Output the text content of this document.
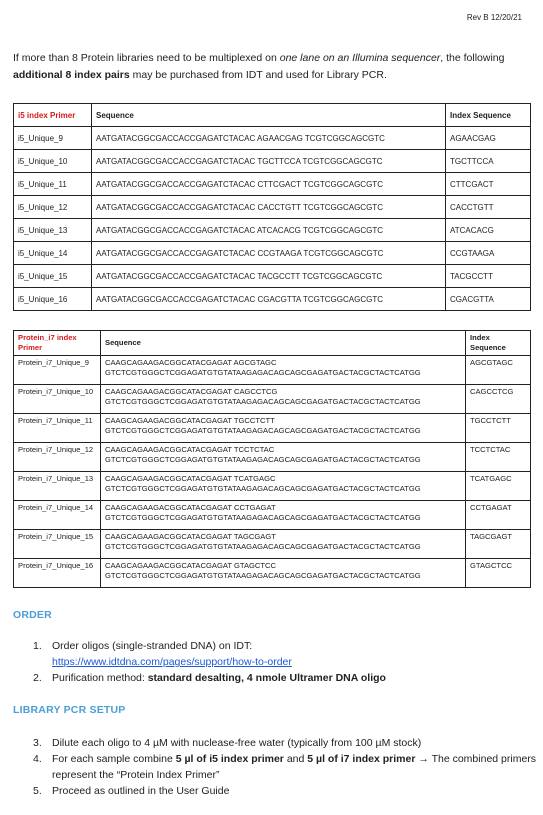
Rev B 12/20/21
If more than 8 Protein libraries need to be multiplexed on one lane on an Illumina sequencer, the following additional 8 index pairs may be purchased from IDT and used for Library PCR.
i5 index Primer	Sequence	Index Sequence
i5_Unique_9	AATGATACGGCGACCACCGAGATCTACAC AGAACGAG TCGTCGGCAGCGTC	AGAACGAG
i5_Unique_10	AATGATACGGCGACCACCGAGATCTACAC TGCTTCCA TCGTCGGCAGCGTC	TGCTTCCA
i5_Unique_11	AATGATACGGCGACCACCGAGATCTACAC CTTCGACT TCGTCGGCAGCGTC	CTTCGACT
i5_Unique_12	AATGATACGGCGACCACCGAGATCTACAC CACCTGTT TCGTCGGCAGCGTC	CACCTGTT
i5_Unique_13	AATGATACGGCGACCACCGAGATCTACAC ATCACACG TCGTCGGCAGCGTC	ATCACACG
i5_Unique_14	AATGATACGGCGACCACCGAGATCTACAC CCGTAAGA TCGTCGGCAGCGTC	CCGTAAGA
i5_Unique_15	AATGATACGGCGACCACCGAGATCTACAC TACGCCTT TCGTCGGCAGCGTC	TACGCCTT
i5_Unique_16	AATGATACGGCGACCACCGAGATCTACAC CGACGTTA TCGTCGGCAGCGTC	CGACGTTA
Protein_i7 index Primer	Sequence	Index Sequence
Protein_i7_Unique_9	CAAGCAGAAGACGGCATACGAGAT AGCGTAGC
GTCTCGTGGGCTCGGAGATGTGTATAAGAGACAGCAGCGAGATGACTACGCTACTCATGG	AGCGTAGC
Protein_i7_Unique_10	CAAGCAGAAGACGGCATACGAGAT CAGCCTCG
GTCTCGTGGGCTCGGAGATGTGTATAAGAGACAGCAGCGAGATGACTACGCTACTCATGG	CAGCCTCG
Protein_i7_Unique_11	CAAGCAGAAGACGGCATACGAGAT TGCCTCTT
GTCTCGTGGGCTCGGAGATGTGTATAAGAGACAGCAGCGAGATGACTACGCTACTCATGG	TGCCTCTT
Protein_i7_Unique_12	CAAGCAGAAGACGGCATACGAGAT TCCTCTAC
GTCTCGTGGGCTCGGAGATGTGTATAAGAGACAGCAGCGAGATGACTACGCTACTCATGG	TCCTCTAC
Protein_i7_Unique_13	CAAGCAGAAGACGGCATACGAGAT TCATGAGC
GTCTCGTGGGCTCGGAGATGTGTATAAGAGACAGCAGCGAGATGACTACGCTACTCATGG	TCATGAGC
Protein_i7_Unique_14	CAAGCAGAAGACGGCATACGAGAT CCTGAGAT
GTCTCGTGGGCTCGGAGATGTGTATAAGAGACAGCAGCGAGATGACTACGCTACTCATGG	CCTGAGAT
Protein_i7_Unique_15	CAAGCAGAAGACGGCATACGAGAT TAGCGAGT
GTCTCGTGGGCTCGGAGATGTGTATAAGAGACAGCAGCGAGATGACTACGCTACTCATGG	TAGCGAGT
Protein_i7_Unique_16	CAAGCAGAAGACGGCATACGAGAT GTAGCTCC
GTCTCGTGGGCTCGGAGATGTGTATAAGAGACAGCAGCGAGATGACTACGCTACTCATGG	GTAGCTCC
ORDER
1. Order oligos (single-stranded DNA) on IDT:
https://www.idtdna.com/pages/support/how-to-order
2. Purification method: standard desalting, 4 nmole Ultramer DNA oligo
LIBRARY PCR SETUP
3. Dilute each oligo to 4 µM with nuclease-free water (typically from 100 µM stock)
4. For each sample combine 5 µl of i5 index primer and 5 µl of i7 index primer → The combined primers represent the “Protein Index Primer”
5. Proceed as outlined in the User Guide
